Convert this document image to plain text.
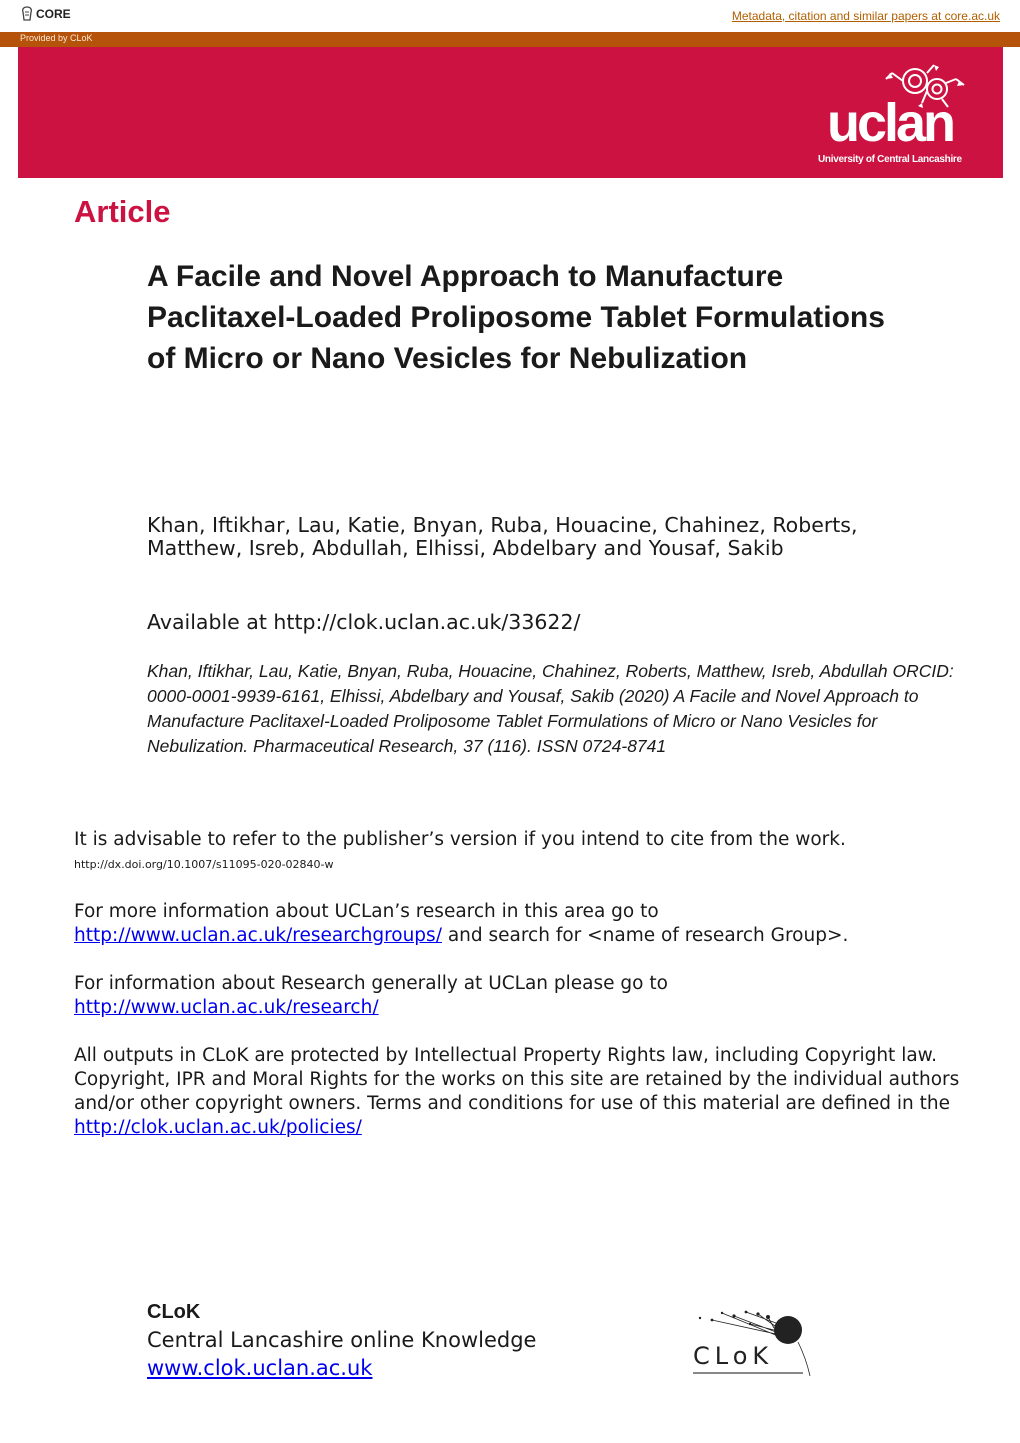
CORE	Metadata, citation and similar papers at core.ac.uk
Provided by CLoK
uclan
University of Central Lancashire
Article
A Facile and Novel Approach to Manufacture Paclitaxel-Loaded Proliposome Tablet Formulations of Micro or Nano Vesicles for Nebulization
Khan, Iftikhar, Lau, Katie, Bnyan, Ruba, Houacine, Chahinez, Roberts, Matthew, Isreb, Abdullah, Elhissi, Abdelbary and Yousaf, Sakib
Available at http://clok.uclan.ac.uk/33622/
Khan, Iftikhar, Lau, Katie, Bnyan, Ruba, Houacine, Chahinez, Roberts, Matthew, Isreb, Abdullah ORCID: 0000-0001-9939-6161, Elhissi, Abdelbary and Yousaf, Sakib (2020) A Facile and Novel Approach to Manufacture Paclitaxel-Loaded Proliposome Tablet Formulations of Micro or Nano Vesicles for Nebulization. Pharmaceutical Research, 37 (116). ISSN 0724-8741
It is advisable to refer to the publisher’s version if you intend to cite from the work.
http://dx.doi.org/10.1007/s11095-020-02840-w
For more information about UCLan’s research in this area go to
http://www.uclan.ac.uk/researchgroups/ and search for <name of research Group>.
For information about Research generally at UCLan please go to
http://www.uclan.ac.uk/research/
All outputs in CLoK are protected by Intellectual Property Rights law, including Copyright law. Copyright, IPR and Moral Rights for the works on this site are retained by the individual authors and/or other copyright owners. Terms and conditions for use of this material are defined in the http://clok.uclan.ac.uk/policies/
CLoK
Central Lancashire online Knowledge
www.clok.uclan.ac.uk	CLoK
